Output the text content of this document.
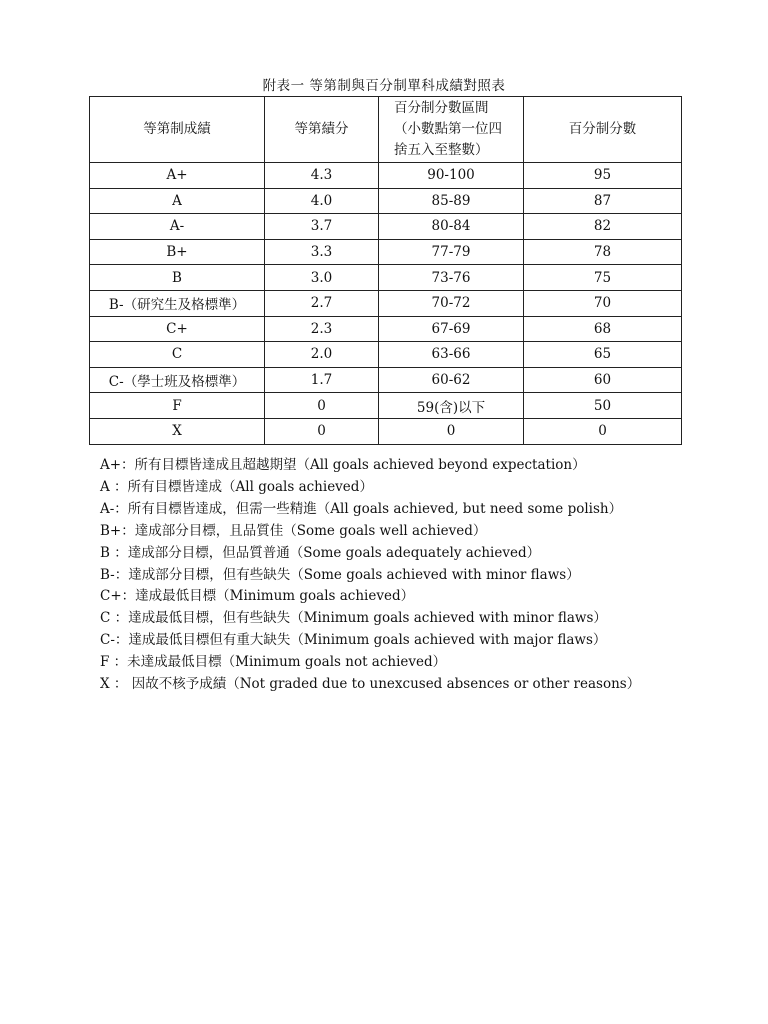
附表一 等第制與百分制單科成績對照表
等第制成績	等第績分	百分制分數區間（小數點第一位四捨五入至整數）	百分制分數
A+	4.3	90-100	95
A	4.0	85-89	87
A-	3.7	80-84	82
B+	3.3	77-79	78
B	3.0	73-76	75
B-（研究生及格標準）	2.7	70-72	70
C+	2.3	67-69	68
C	2.0	63-66	65
C-（學士班及格標準）	1.7	60-62	60
F	0	59(含)以下	50
X	0	0	0
A+：所有目標皆達成且超越期望（All goals achieved beyond expectation）
A ：所有目標皆達成（All goals achieved）
A-：所有目標皆達成，但需一些精進（All goals achieved, but need some polish）
B+：達成部分目標，且品質佳（Some goals well achieved）
B ：達成部分目標，但品質普通（Some goals adequately achieved）
B-：達成部分目標，但有些缺失（Some goals achieved with minor flaws）
C+：達成最低目標（Minimum goals achieved）
C ：達成最低目標，但有些缺失（Minimum goals achieved with minor flaws）
C-：達成最低目標但有重大缺失（Minimum goals achieved with major flaws）
F ：未達成最低目標（Minimum goals not achieved）
X ： 因故不核予成績（Not graded due to unexcused absences or other reasons）
